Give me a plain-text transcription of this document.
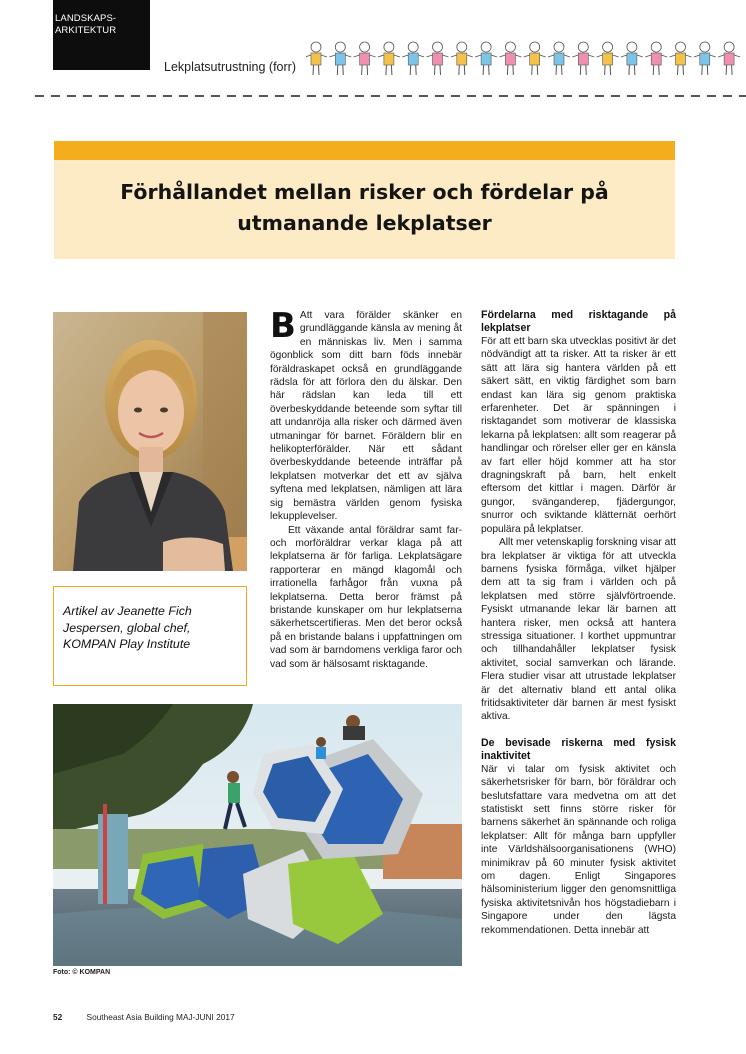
LANDSKAPS-
ARKITEKTUR
Lekplatsutrustning (forr)
Förhållandet mellan risker och fördelar på
utmanande lekplatser
Artikel av Jeanette Fich Jespersen, global chef, KOMPAN Play Institute

B Att vara förälder skänker en grundläggande känsla av mening åt en människas liv. Men i samma ögonblick som ditt barn föds innebär föräldraskapet också en grundläggande rädsla för att förlora den du älskar. Den här rädslan kan leda till ett överbeskyddande beteende som syftar till att undanröja alla risker och därmed även utmaningar för barnet. Föräldern blir en helikopterförälder. När ett sådant överbeskyddande beteende inträffar på lekplatsen motverkar det ett av själva syftena med lekplatsen, nämligen att lära sig bemästra världen genom fysiska lekupplevelser.

Ett växande antal föräldrar samt far- och morföräldrar verkar klaga på att lekplatserna är för farliga. Lekplatsägare rapporterar en mängd klagomål och irrationella farhågor från vuxna på lekplatserna. Detta beror främst på bristande kunskaper om hur lekplatserna säkerhetscertifieras. Men det beror också på en bristande balans i uppfattningen om vad som är barndomens verkliga faror och vad som är hälsosamt risktagande.

Fördelarna med risktagande på lekplatser

För att ett barn ska utvecklas positivt är det nödvändigt att ta risker. Att ta risker är ett sätt att lära sig hantera världen på ett säkert sätt, en viktig färdighet som barn endast kan lära sig genom praktiska erfarenheter. Det är spänningen i risktagandet som motiverar de klassiska lekarna på lekplatsen: allt som reagerar på handlingar och rörelser eller ger en känsla av fart eller höjd kommer att ha stor dragningskraft på barn, helt enkelt eftersom det kittlar i magen. Därför är gungor, svänganderep, fjädergungor, snurror och sviktande klätternät oerhört populära på lekplatser.

Allt mer vetenskaplig forskning visar att bra lekplatser är viktiga för att utveckla barnens fysiska förmåga, vilket hjälper dem att ta sig fram i världen och på lekplatsen med större självförtroende. Fysiskt utmanande lekar lär barnen att hantera risker, men också att hantera stressiga situationer. I korthet uppmuntrar och tillhandahåller lekplatser fysisk aktivitet, social samverkan och lärande. Flera studier visar att utrustade lekplatser är det alternativ bland ett antal olika fritidsaktiviteter där barnen är mest fysiskt aktiva.

De bevisade riskerna med fysisk inaktivitet

När vi talar om fysisk aktivitet och säkerhetsrisker för barn, bör föräldrar och beslutsfattare vara medvetna om att det statistiskt sett finns större risker för barnens säkerhet än spännande och roliga lekplatser: Allt för många barn uppfyller inte Världshälsoorganisationens (WHO) minimikrav på 60 minuter fysisk aktivitet om dagen. Enligt Singapores hälsoministerium ligger den genomsnittliga fysiska aktivitetsnivån hos högstadiebarn i Singapore under den lägsta rekommendationen. Detta innebär att

Foto: © KOMPAN
52	Southeast Asia Building MAJ-JUNI 2017
